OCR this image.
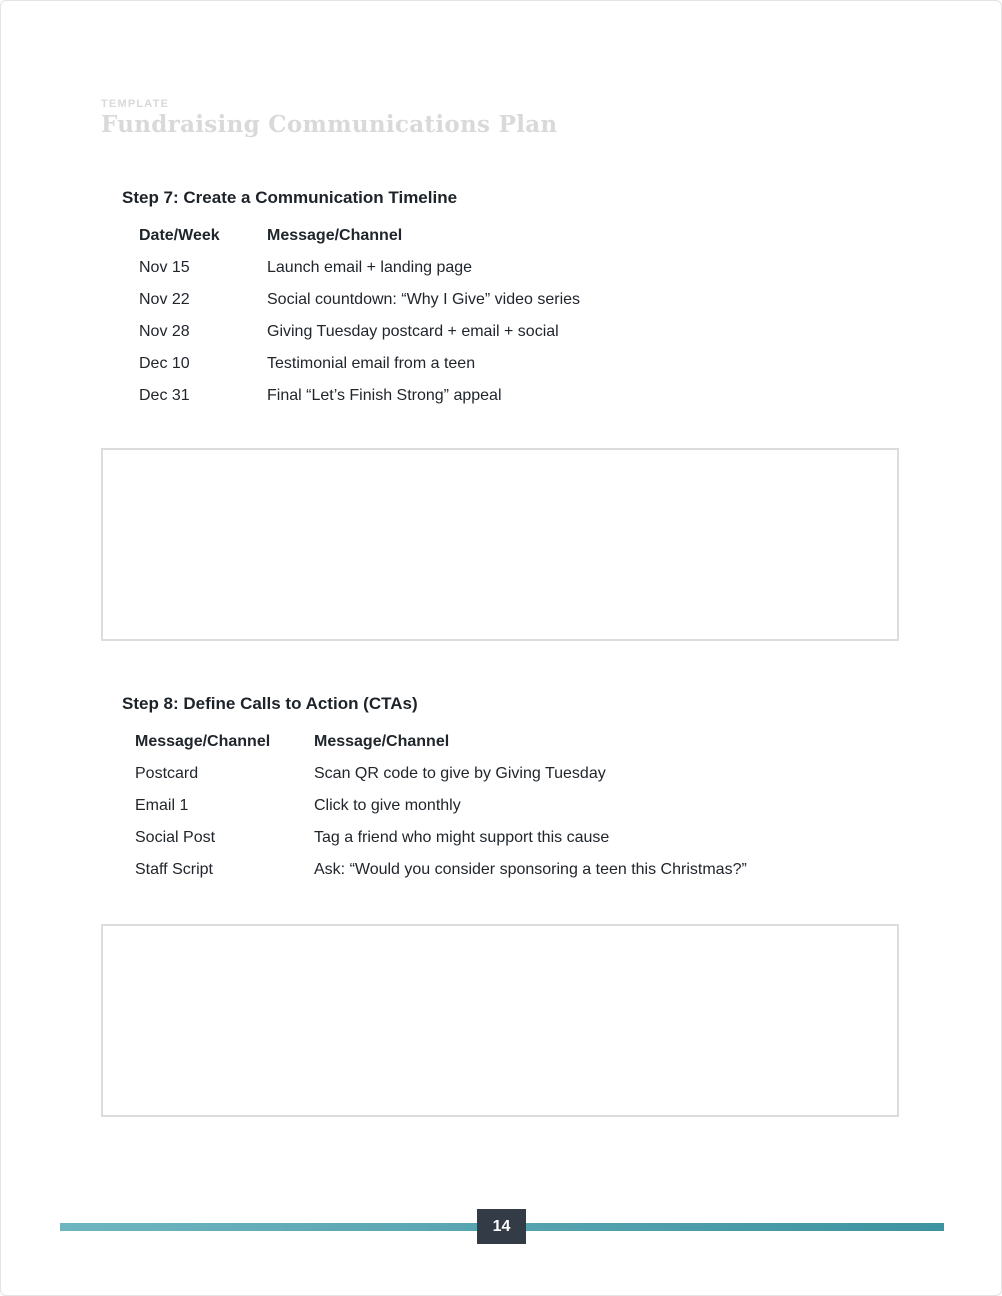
TEMPLATE
Fundraising Communications Plan
Step 7: Create a Communication Timeline
Date/Week	Message/Channel
Nov 15	Launch email + landing page
Nov 22	Social countdown: “Why I Give” video series
Nov 28	Giving Tuesday postcard + email + social
Dec 10	Testimonial email from a teen
Dec 31	Final “Let’s Finish Strong” appeal
Step 8: Define Calls to Action (CTAs)
Message/Channel	Message/Channel
Postcard	Scan QR code to give by Giving Tuesday
Email 1	Click to give monthly
Social Post	Tag a friend who might support this cause
Staff Script	Ask: “Would you consider sponsoring a teen this Christmas?”
14
